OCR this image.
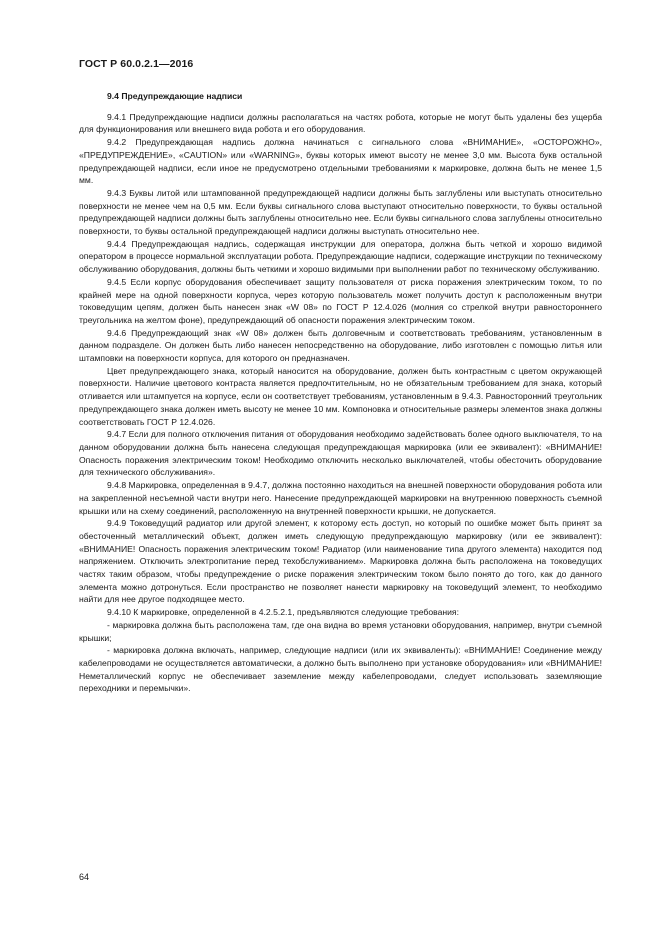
ГОСТ Р 60.0.2.1—2016

9.4 Предупреждающие надписи

9.4.1 Предупреждающие надписи должны располагаться на частях робота, которые не могут быть удалены без ущерба для функционирования или внешнего вида робота и его оборудования.

9.4.2 Предупреждающая надпись должна начинаться с сигнального слова «ВНИМАНИЕ», «ОСТОРОЖНО», «ПРЕДУПРЕЖДЕНИЕ», «CAUTION» или «WARNING», буквы которых имеют высоту не менее 3,0 мм. Высота букв остальной предупреждающей надписи, если иное не предусмотрено отдельными требованиями к маркировке, должна быть не менее 1,5 мм.

9.4.3 Буквы литой или штампованной предупреждающей надписи должны быть заглублены или выступать относительно поверхности не менее чем на 0,5 мм. Если буквы сигнального слова выступают относительно поверхности, то буквы остальной предупреждающей надписи должны быть заглублены относительно нее. Если буквы сигнального слова заглублены относительно поверхности, то буквы остальной предупреждающей надписи должны выступать относительно нее.

9.4.4 Предупреждающая надпись, содержащая инструкции для оператора, должна быть четкой и хорошо видимой оператором в процессе нормальной эксплуатации робота. Предупреждающие надписи, содержащие инструкции по техническому обслуживанию оборудования, должны быть четкими и хорошо видимыми при выполнении работ по техническому обслуживанию.

9.4.5 Если корпус оборудования обеспечивает защиту пользователя от риска поражения электрическим током, то по крайней мере на одной поверхности корпуса, через которую пользователь может получить доступ к расположенным внутри токоведущим цепям, должен быть нанесен знак «W 08» по ГОСТ Р 12.4.026 (молния со стрелкой внутри равностороннего треугольника на желтом фоне), предупреждающий об опасности поражения электрическим током.

9.4.6 Предупреждающий знак «W 08» должен быть долговечным и соответствовать требованиям, установленным в данном подразделе. Он должен быть либо нанесен непосредственно на оборудование, либо изготовлен с помощью литья или штамповки на поверхности корпуса, для которого он предназначен.

Цвет предупреждающего знака, который наносится на оборудование, должен быть контрастным с цветом окружающей поверхности. Наличие цветового контраста является предпочтительным, но не обязательным требованием для знака, который отливается или штампуется на корпусе, если он соответствует требованиям, установленным в 9.4.3. Равносторонний треугольник предупреждающего знака должен иметь высоту не менее 10 мм. Компоновка и относительные размеры элементов знака должны соответствовать ГОСТ Р 12.4.026.

9.4.7 Если для полного отключения питания от оборудования необходимо задействовать более одного выключателя, то на данном оборудовании должна быть нанесена следующая предупреждающая маркировка (или ее эквивалент): «ВНИМАНИЕ! Опасность поражения электрическим током! Необходимо отключить несколько выключателей, чтобы обесточить оборудование для технического обслуживания».

9.4.8 Маркировка, определенная в 9.4.7, должна постоянно находиться на внешней поверхности оборудования робота или на закрепленной несъемной части внутри него. Нанесение предупреждающей маркировки на внутреннюю поверхность съемной крышки или на схему соединений, расположенную на внутренней поверхности крышки, не допускается.

9.4.9 Токоведущий радиатор или другой элемент, к которому есть доступ, но который по ошибке может быть принят за обесточенный металлический объект, должен иметь следующую предупреждающую маркировку (или ее эквивалент): «ВНИМАНИЕ! Опасность поражения электрическим током! Радиатор (или наименование типа другого элемента) находится под напряжением. Отключить электропитание перед техобслуживанием». Маркировка должна быть расположена на токоведущих частях таким образом, чтобы предупреждение о риске поражения электрическим током было понято до того, как до данного элемента можно дотронуться. Если пространство не позволяет нанести маркировку на токоведущий элемент, то необходимо найти для нее другое подходящее место.

9.4.10 К маркировке, определенной в 4.2.5.2.1, предъявляются следующие требования:

- маркировка должна быть расположена там, где она видна во время установки оборудования, например, внутри съемной крышки;

- маркировка должна включать, например, следующие надписи (или их эквиваленты): «ВНИМАНИЕ! Соединение между кабелепроводами не осуществляется автоматически, а должно быть выполнено при установке оборудования» или «ВНИМАНИЕ! Неметаллический корпус не обеспечивает заземление между кабелепроводами, следует использовать заземляющие переходники и перемычки».

64
